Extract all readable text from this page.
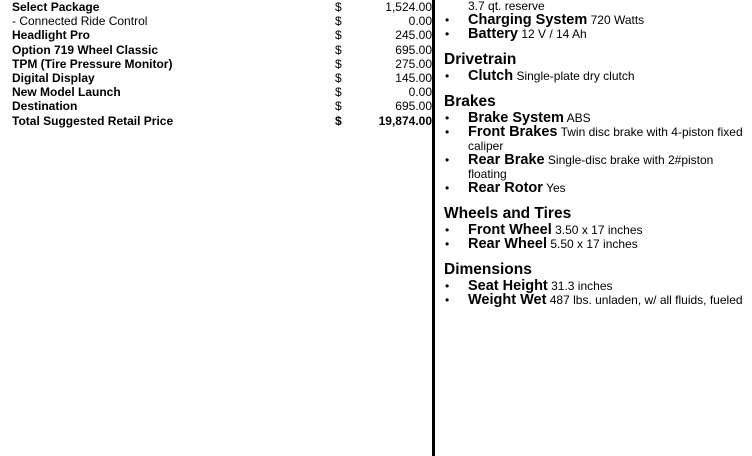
Select Package	$	1,524.00
- Connected Ride Control	$	0.00
Headlight Pro	$	245.00
Option 719 Wheel Classic	$	695.00
TPM (Tire Pressure Monitor)	$	275.00
Digital Display	$	145.00
New Model Launch	$	0.00
Destination	$	695.00
Total Suggested Retail Price	$	19,874.00
3.7 qt. reserve
• Charging System 720 Watts
• Battery 12 V / 14 Ah
Drivetrain
• Clutch Single-plate dry clutch
Brakes
• Brake System ABS
• Front Brakes Twin disc brake with 4-piston fixed caliper
• Rear Brake Single-disc brake with 2#piston floating
• Rear Rotor Yes
Wheels and Tires
• Front Wheel 3.50 x 17 inches
• Rear Wheel 5.50 x 17 inches
Dimensions
• Seat Height 31.3 inches
• Weight Wet 487 lbs. unladen, w/ all fluids, fueled
